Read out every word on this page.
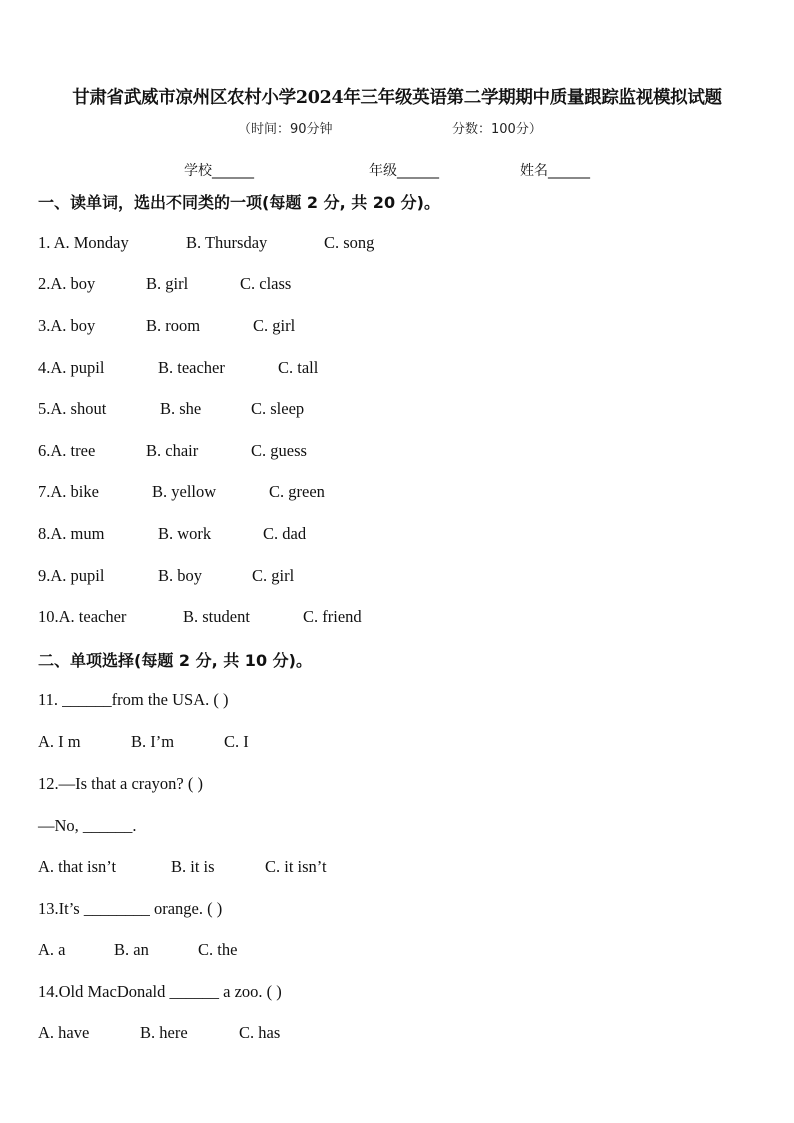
甘肃省武威市凉州区农村小学2024年三年级英语第二学期期中质量跟踪监视模拟试题
（时间：90分钟	分数：100分）
学校______	年级______	姓名______
一、读单词，选出不同类的一项(每题 2 分, 共 20 分)。
1. A. Monday	B. Thursday	C. song
2.A. boy	B. girl	C. class
3.A. boy	B. room	C. girl
4.A. pupil	B. teacher	C. tall
5.A. shout	B. she	C. sleep
6.A. tree	B. chair	C. guess
7.A. bike	B. yellow	C. green
8.A. mum	B. work	C. dad
9.A. pupil	B. boy	C. girl
10.A. teacher	B. student	C. friend
二、单项选择(每题 2 分, 共 10 分)。
11. ______from the USA. ( )
A. I m	B. I’m	C. I
12.—Is that a crayon? ( )
—No, ______.
A. that isn’t	B. it is	C. it isn’t
13.It’s ________ orange. ( )
A. a	B. an	C. the
14.Old MacDonald ______ a zoo. ( )
A. have	B. here	C. has
